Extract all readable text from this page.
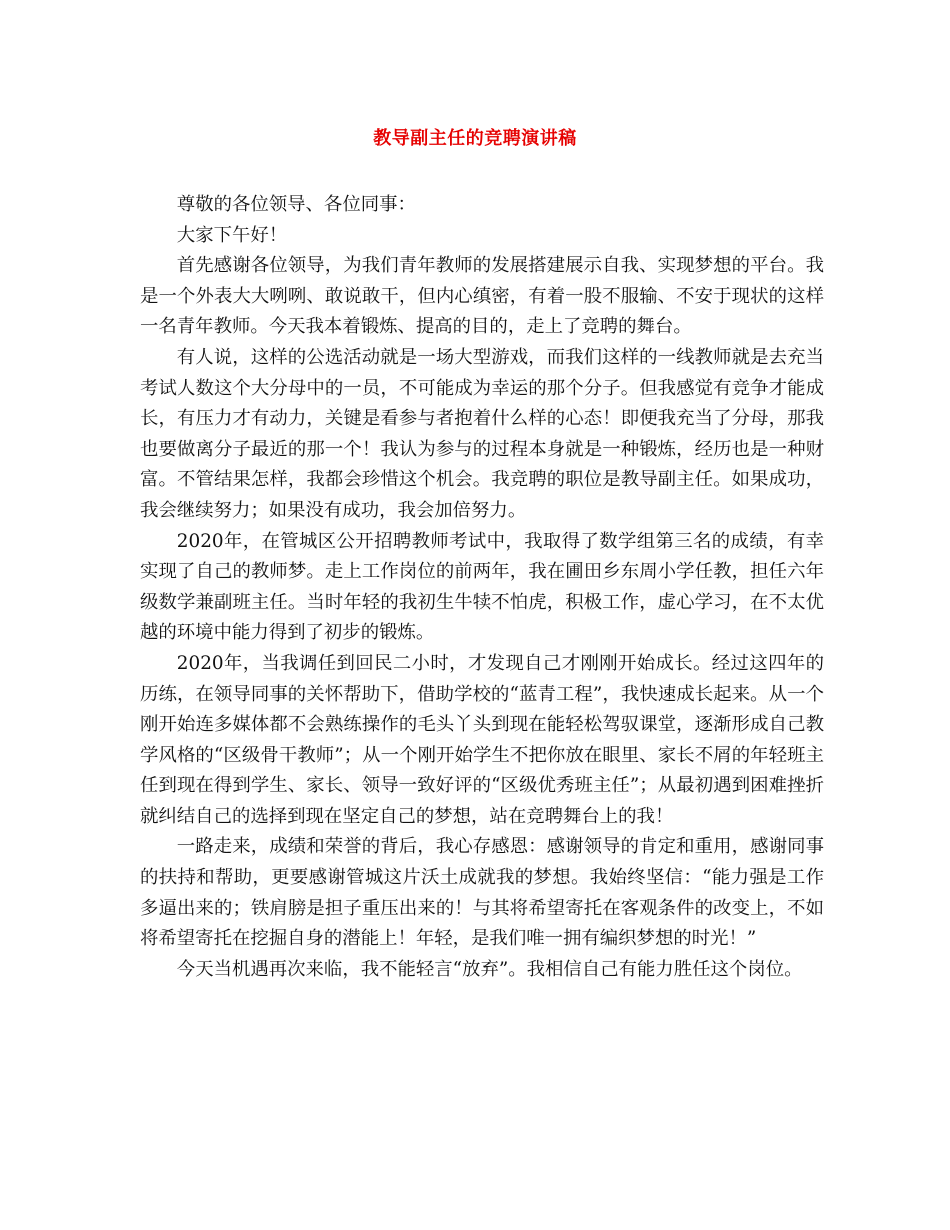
教导副主任的竞聘演讲稿

尊敬的各位领导、各位同事：

大家下午好！

首先感谢各位领导，为我们青年教师的发展搭建展示自我、实现梦想的平台。我是一个外表大大咧咧、敢说敢干，但内心缜密，有着一股不服输、不安于现状的这样一名青年教师。今天我本着锻炼、提高的目的，走上了竞聘的舞台。

有人说，这样的公选活动就是一场大型游戏，而我们这样的一线教师就是去充当考试人数这个大分母中的一员，不可能成为幸运的那个分子。但我感觉有竞争才能成长，有压力才有动力，关键是看参与者抱着什么样的心态！即便我充当了分母，那我也要做离分子最近的那一个！我认为参与的过程本身就是一种锻炼，经历也是一种财富。不管结果怎样，我都会珍惜这个机会。我竞聘的职位是教导副主任。如果成功，我会继续努力；如果没有成功，我会加倍努力。

2020年，在管城区公开招聘教师考试中，我取得了数学组第三名的成绩，有幸实现了自己的教师梦。走上工作岗位的前两年，我在圃田乡东周小学任教，担任六年级数学兼副班主任。当时年轻的我初生牛犊不怕虎，积极工作，虚心学习，在不太优越的环境中能力得到了初步的锻炼。

2020年，当我调任到回民二小时，才发现自己才刚刚开始成长。经过这四年的历练，在领导同事的关怀帮助下，借助学校的“蓝青工程”，我快速成长起来。从一个刚开始连多媒体都不会熟练操作的毛头丫头到现在能轻松驾驭课堂，逐渐形成自己教学风格的“区级骨干教师”；从一个刚开始学生不把你放在眼里、家长不屑的年轻班主任到现在得到学生、家长、领导一致好评的“区级优秀班主任”；从最初遇到困难挫折就纠结自己的选择到现在坚定自己的梦想，站在竞聘舞台上的我！

一路走来，成绩和荣誉的背后，我心存感恩：感谢领导的肯定和重用，感谢同事的扶持和帮助，更要感谢管城这片沃土成就我的梦想。我始终坚信：“能力强是工作多逼出来的；铁肩膀是担子重压出来的！与其将希望寄托在客观条件的改变上，不如将希望寄托在挖掘自身的潜能上！年轻，是我们唯一拥有编织梦想的时光！”

今天当机遇再次来临，我不能轻言“放弃”。我相信自己有能力胜任这个岗位。
